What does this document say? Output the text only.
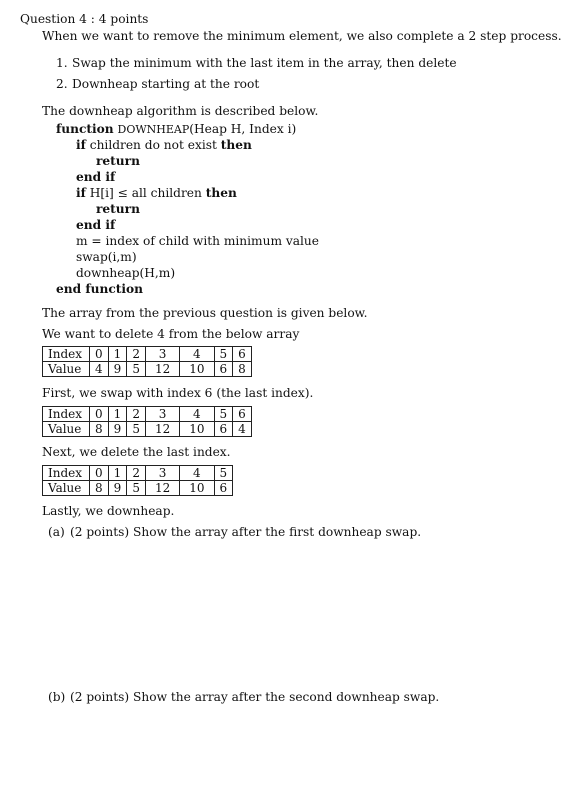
Question 4 : 4 points
When we want to remove the minimum element, we also complete a 2 step process.
1. Swap the minimum with the last item in the array, then delete
2. Downheap starting at the root
The downheap algorithm is described below.
function DOWNHEAP(Heap H, Index i)
if children do not exist then
return
end if
if H[i] ≤ all children then
return
end if
m = index of child with minimum value
swap(i,m)
downheap(H,m)
end function
The array from the previous question is given below.
We want to delete 4 from the below array
Index	0	1	2	3	4	5	6
Value	4	9	5	12	10	6	8
First, we swap with index 6 (the last index).
Index	0	1	2	3	4	5	6
Value	8	9	5	12	10	6	4
Next, we delete the last index.
Index	0	1	2	3	4	5
Value	8	9	5	12	10	6
Lastly, we downheap.
(a) (2 points) Show the array after the first downheap swap.
(b) (2 points) Show the array after the second downheap swap.
